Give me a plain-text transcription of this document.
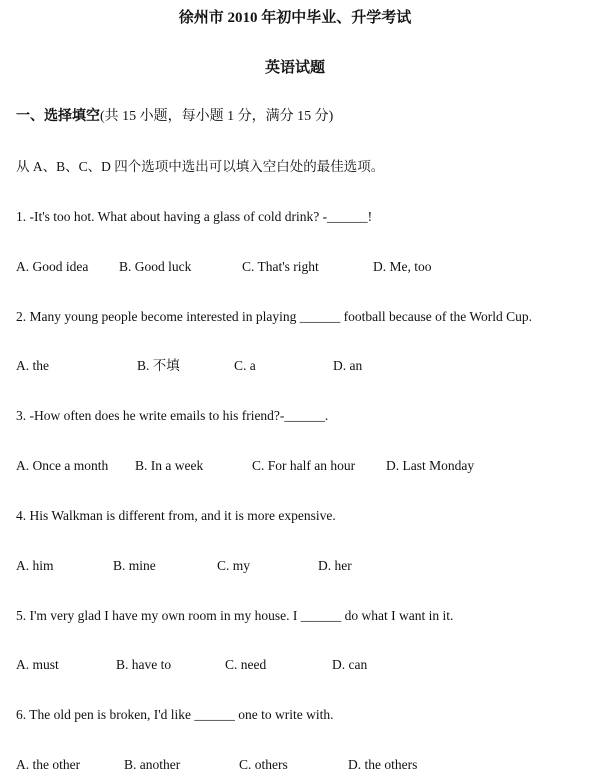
徐州市 2010 年初中毕业、升学考试
英语试题
一、选择填空(共 15 小题，每小题 1 分，满分 15 分)
从 A、B、C、D 四个选项中选出可以填入空白处的最佳选项。
1. -It's too hot. What about having a glass of cold drink? -______!
A. Good idea B. Good luck	C. That's right	D. Me, too
2. Many young people become interested in playing ______ football because of the World Cup.
A. the	B. 不填	C. a	D. an
3. -How often does he write emails to his friend?-______.
A. Once a month B. In a week	C. For half an hour D. Last Monday
4. His Walkman is different from, and it is more expensive.
A. him	B. mine	C. my	D. her
5. I'm very glad I have my own room in my house. I ______ do what I want in it.
A. must	B. have to	C. need	D. can
6. The old pen is broken, I'd like ______ one to write with.
A. the other	B. another	C. others	D. the others
